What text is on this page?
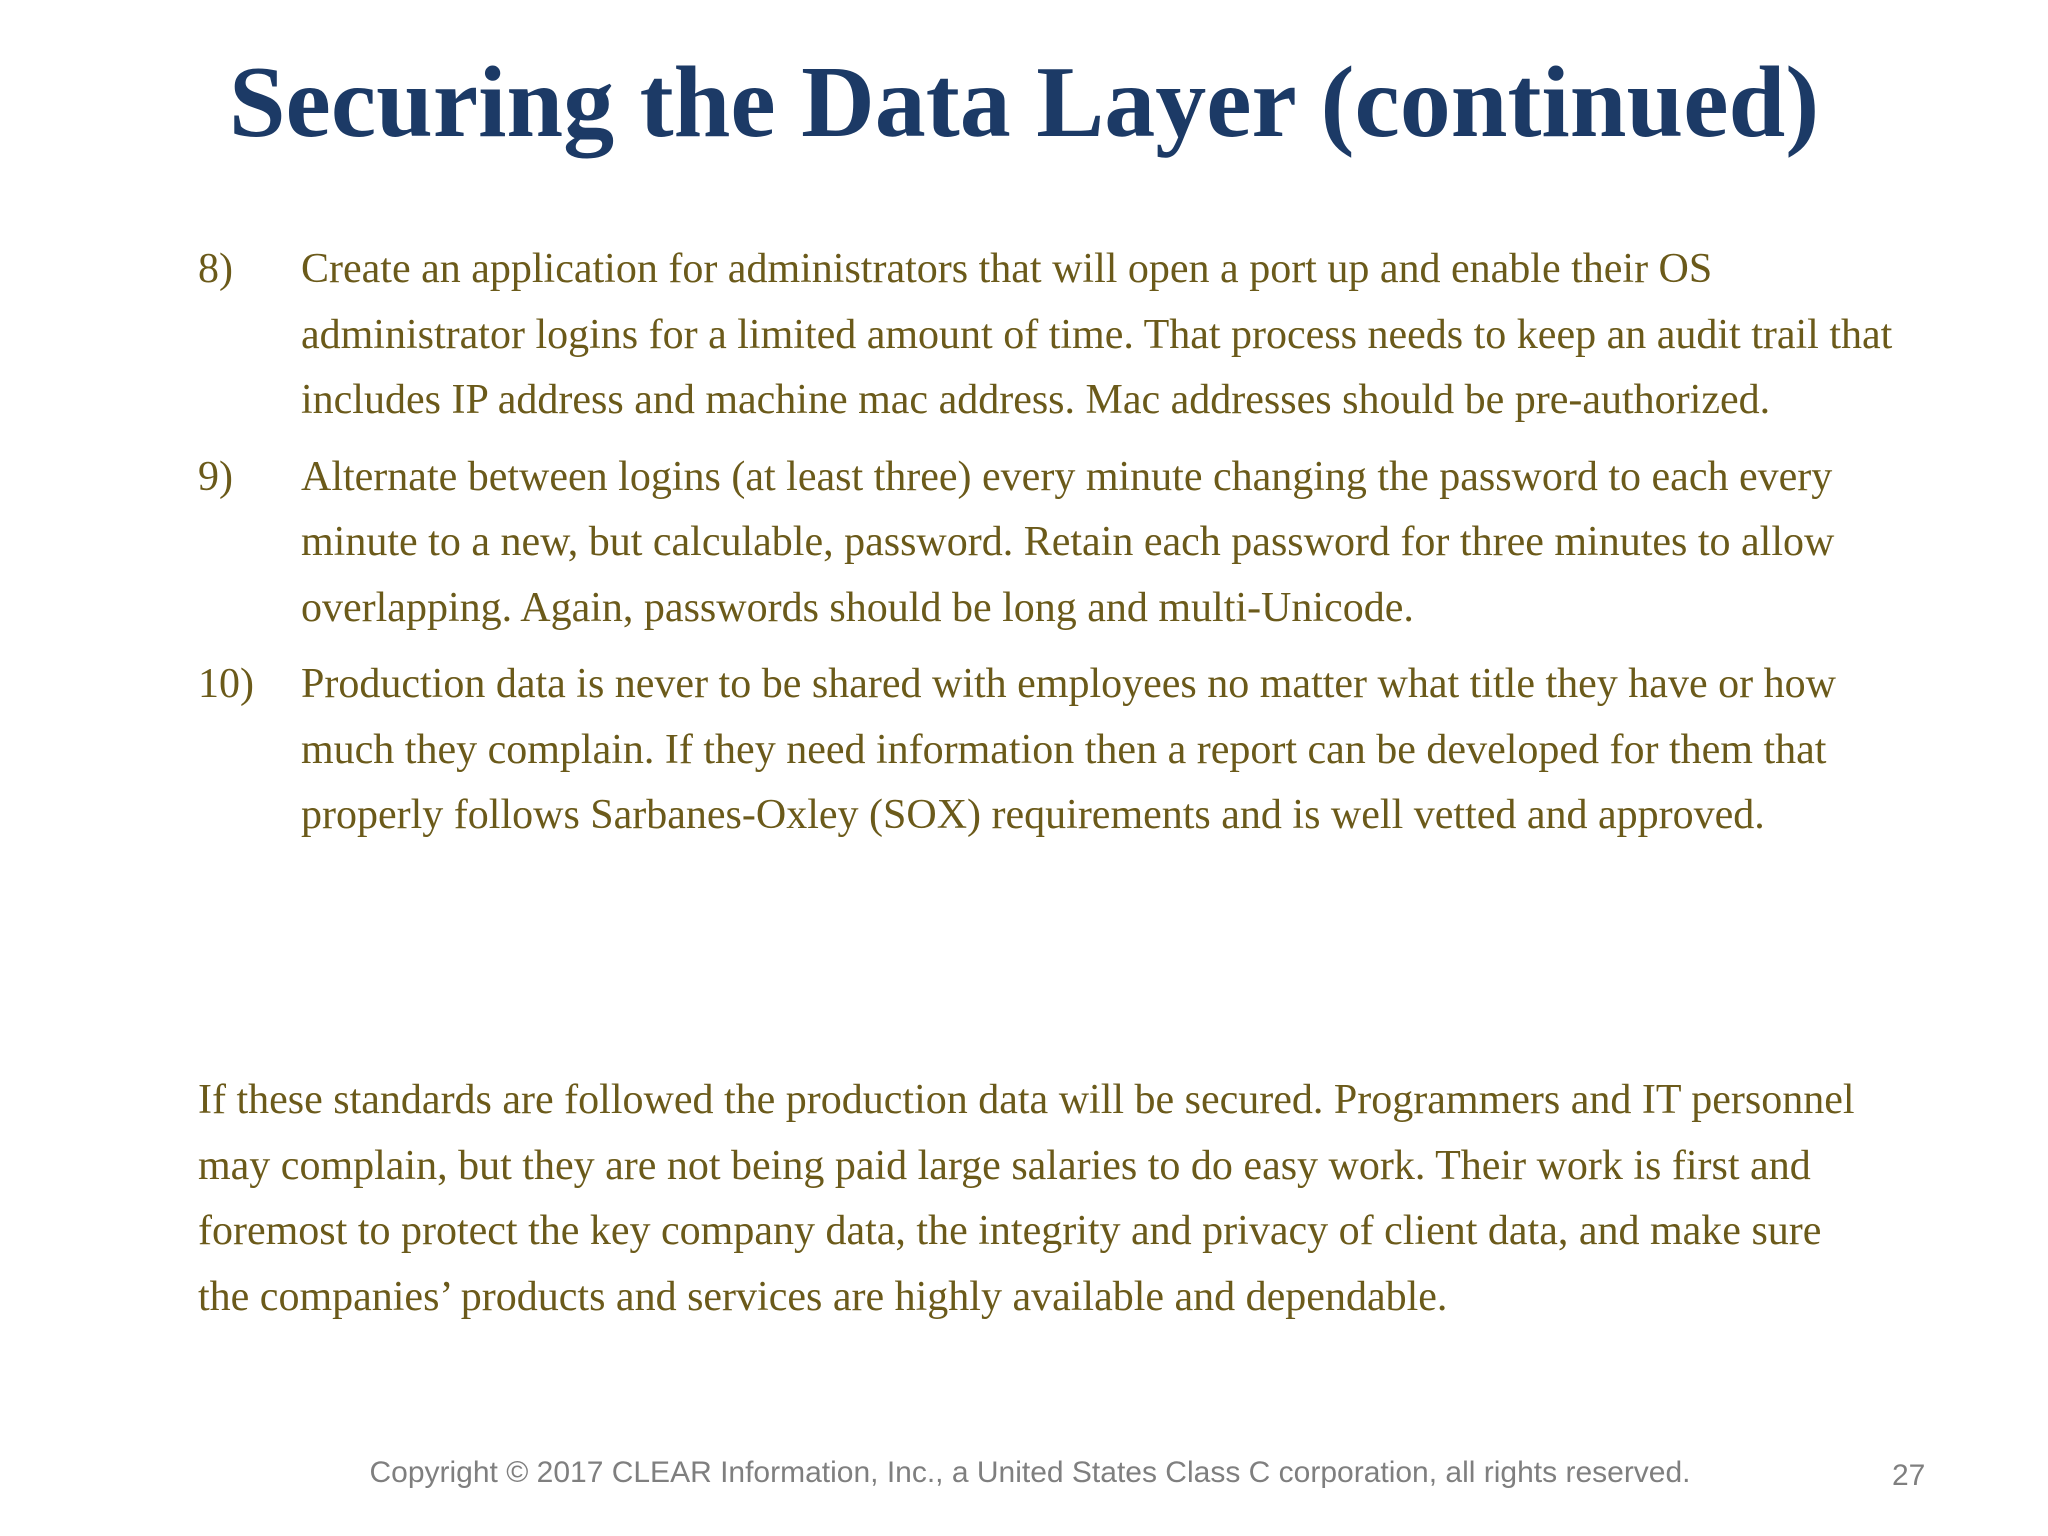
Securing the Data Layer (continued)
8) Create an application for administrators that will open a port up and enable their OS administrator logins for a limited amount of time. That process needs to keep an audit trail that includes IP address and machine mac address. Mac addresses should be pre-authorized.
9) Alternate between logins (at least three) every minute changing the password to each every minute to a new, but calculable, password. Retain each password for three minutes to allow overlapping. Again, passwords should be long and multi-Unicode.
10) Production data is never to be shared with employees no matter what title they have or how much they complain. If they need information then a report can be developed for them that properly follows Sarbanes-Oxley (SOX) requirements and is well vetted and approved.

If these standards are followed the production data will be secured. Programmers and IT personnel may complain, but they are not being paid large salaries to do easy work. Their work is first and foremost to protect the key company data, the integrity and privacy of client data, and make sure the companies’ products and services are highly available and dependable.

Copyright © 2017 CLEAR Information, Inc., a United States Class C corporation, all rights reserved.	27
